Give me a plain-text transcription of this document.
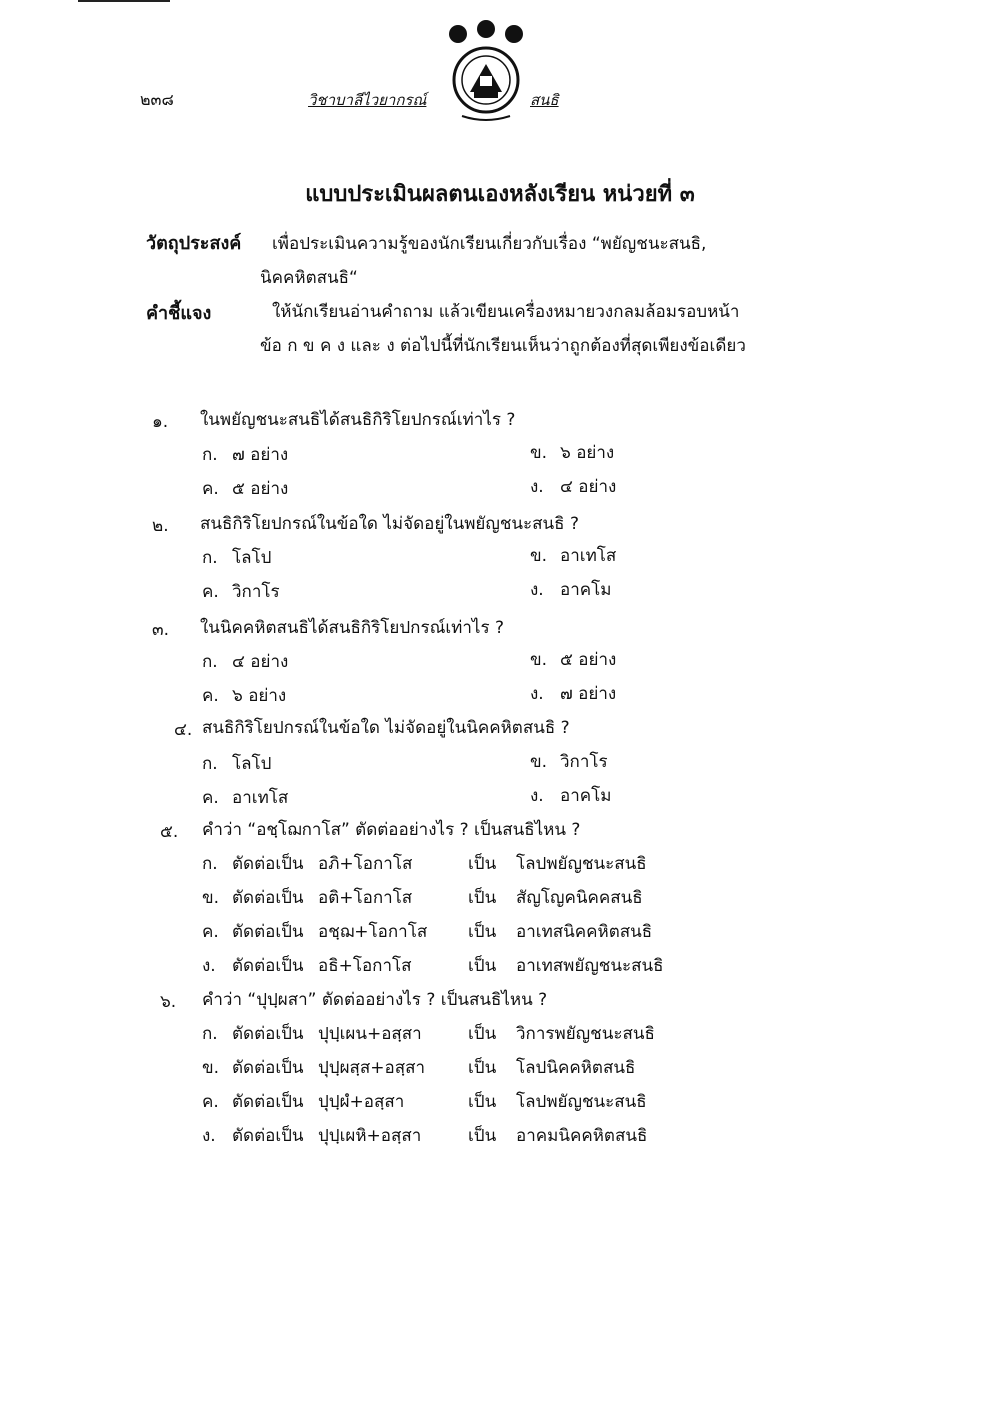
๒๓๘	วิชาบาลีไวยากรณ์	สนธิ
แบบประเมินผลตนเองหลังเรียน หน่วยที่ ๓
วัตถุประสงค์ เพื่อประเมินความรู้ของนักเรียนเกี่ยวกับเรื่อง “พยัญชนะสนธิ,
นิคคหิตสนธิ“
คำชี้แจง	ให้นักเรียนอ่านคำถาม แล้วเขียนเครื่องหมายวงกลมล้อมรอบหน้า
ข้อ ก ข ค ง และ ง ต่อไปนี้ที่นักเรียนเห็นว่าถูกต้องที่สุดเพียงข้อเดียว
๑. ในพยัญชนะสนธิได้สนธิกิริโยปกรณ์เท่าไร ?
ก. ๗ อย่าง	ข. ๖ อย่าง
ค. ๕ อย่าง	ง. ๔ อย่าง
๒. สนธิกิริโยปกรณ์ในข้อใด ไม่จัดอยู่ในพยัญชนะสนธิ ?
ก. โลโป	ข. อาเทโส
ค. วิกาโร	ง. อาคโม
๓. ในนิคคหิตสนธิได้สนธิกิริโยปกรณ์เท่าไร ?
ก. ๔ อย่าง	ข. ๕ อย่าง
ค. ๖ อย่าง	ง. ๗ อย่าง
๔. สนธิกิริโยปกรณ์ในข้อใด ไม่จัดอยู่ในนิคคหิตสนธิ ?
ก. โลโป	ข. วิกาโร
ค. อาเทโส	ง. อาคโม
๕. คำว่า “อชฺโฌกาโส” ตัดต่ออย่างไร ? เป็นสนธิไหน ?
ก. ตัดต่อเป็น อภิ+โอกาโส	เป็น โลปพยัญชนะสนธิ
ข. ตัดต่อเป็น อติ+โอกาโส	เป็น สัญโญคนิคคสนธิ
ค. ตัดต่อเป็น อชฺฌ+โอกาโส เป็น อาเทสนิคคหิตสนธิ
ง. ตัดต่อเป็น อธิ+โอกาโส	เป็น อาเทสพยัญชนะสนธิ
๖. คำว่า “ปุปฺผสา” ตัดต่ออย่างไร ? เป็นสนธิไหน ?
ก. ตัดต่อเป็น ปุปฺเผน+อสฺสา	เป็น วิการพยัญชนะสนธิ
ข. ตัดต่อเป็น ปุปฺผสฺส+อสฺสา	เป็น โลปนิคคหิตสนธิ
ค. ตัดต่อเป็น ปุปฺผํ+อสฺสา	เป็น โลปพยัญชนะสนธิ
ง. ตัดต่อเป็น ปุปฺเผหิ+อสฺสา	เป็น อาคมนิคคหิตสนธิ
